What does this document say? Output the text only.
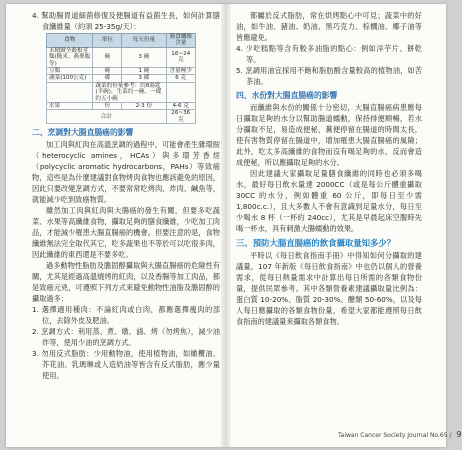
4. 幫助腸胃道細菌修復及便腸道有益菌生長，如何計算膳食纖維量（約須 25-35g/天）：

食物	單位	每天份量	膳食纖維含量
未精緻全穀根莖類(糙米、燕麥飯等)	碗	3 碗	16~24 克
豆類	碗	1 碗	含量極少
蔬菜(100公克)	碟	3 碟	6 克
	蔬菜的份量參考：約8湯匙(半碗)，生菜約一碗，一碟約五小碗		
水果	份	2-3 份	4-6 克
合計			26~36 克
二、烹調對大腸直腸癌的影響

加工肉與紅肉在高溫烹調的過程中，可能會產生雜環胺（heterocyclic amines，HCAs）與多環芳香烴（polycyclic aromatic hydrocarbons，PAHs）等致癌物，這些是為什麼建議對食物烤肉食物也應該避免的原因，因此只要改變烹調方式，不要常常吃烤肉、炸肉、鹹魚等，就能減少吃到致癌物質。

雖然加工肉與紅肉與大腸癌的發生有關，但要多吃蔬菜、水果等高纖維食物，攝取足夠的膳食纖維，少吃加工肉品，才能減少罹患大腸直腸癌的機會。但要注意的是，食物纖維無法完全取代其它，吃多蔬果也不等於可以吃很多肉，因此纖維的東西還是不要多吃。

過多動物性脂肪及膽固醇攝取與大腸直腸癌的危險性有關，尤其是經過高溫燒烤的紅肉，以及香腸等加工肉品，都是致癌元兇，可遵照下列方式來避免動物性油脂及膽固醇的攝取過多：

1. 選擇適用種肉：不論紅肉或白肉，都應選擇瘦肉的部位，去除外皮及肥油。

2. 烹調方式：利用蒸、煮、燉、滷、烤（勿烤焦），減少油炸等，使用少油的烹調方式。

3. 勿用反式脂肪：少用動物油，使用植物油，如橄欖油、芥花油、乳瑪琳或人造奶油等皆含有反式脂肪，應少量使用。

都屬於反式脂肪，常在烘烤點心中可見；蔬菜中的好油，如牛油、豬油、奶油、黑巧克力、棕櫚油、椰子油等皆應避免。

4. 少吃糕點等含有較多油脂的點心：例如洋芋片、餅乾等。

5. 烹調用油宜採用不飽和脂肪酸含量較高的植物油，如苦茶油。

四、水份對大腸直腸癌的影響

而纖維與水份的關係十分密切，大腸直腸癌病患應每日攝取足夠的水分以幫助腸道蠕動，保持排便順暢，若水分攝取不足，易造成便秘，糞便停留在腸道的時間太長，使有害物質停留在腸道中，增加罹患大腸直腸癌的風險；此外，吃太多高纖維的食物而沒有喝足夠的水，反而會造成便秘，所以應攝取足夠的水分。

因此建議大家攝取足量膳食纖維的同時也必須多喝水，最好每日飲水量達 2000CC（或是每公斤體重攝取 30CC 的水分，例如體重 60 公斤，即每日至少需 1,800c.c.），且大多數人不會有意識到足量水分，每日至少喝水 8 杯（一杯約 240cc），尤其是早晨起床空腹時先喝一杯水，具有刺激大腸蠕動的效果。

三、預防大腸直腸癌的飲食攝取量知多少？

平時以《每日飲食指南手冊》中得知如何分攝取的建議量，107 年新版《每日飲食指南》中也仍以個人的營養需求，從每日熱量需求中計算出每日所需的各類食物份量，提供民眾參考。其中各類營養素建議攝取量比例為：蛋白質 10-20%、脂質 20-30%、醣類 50-60%，以及每人每日應攝取的各類食物份量，希望大家都能遵照每日飲食指南的建議量來攝取各類食物。

Taiwan Cancer Society Journal No.65 / 9
